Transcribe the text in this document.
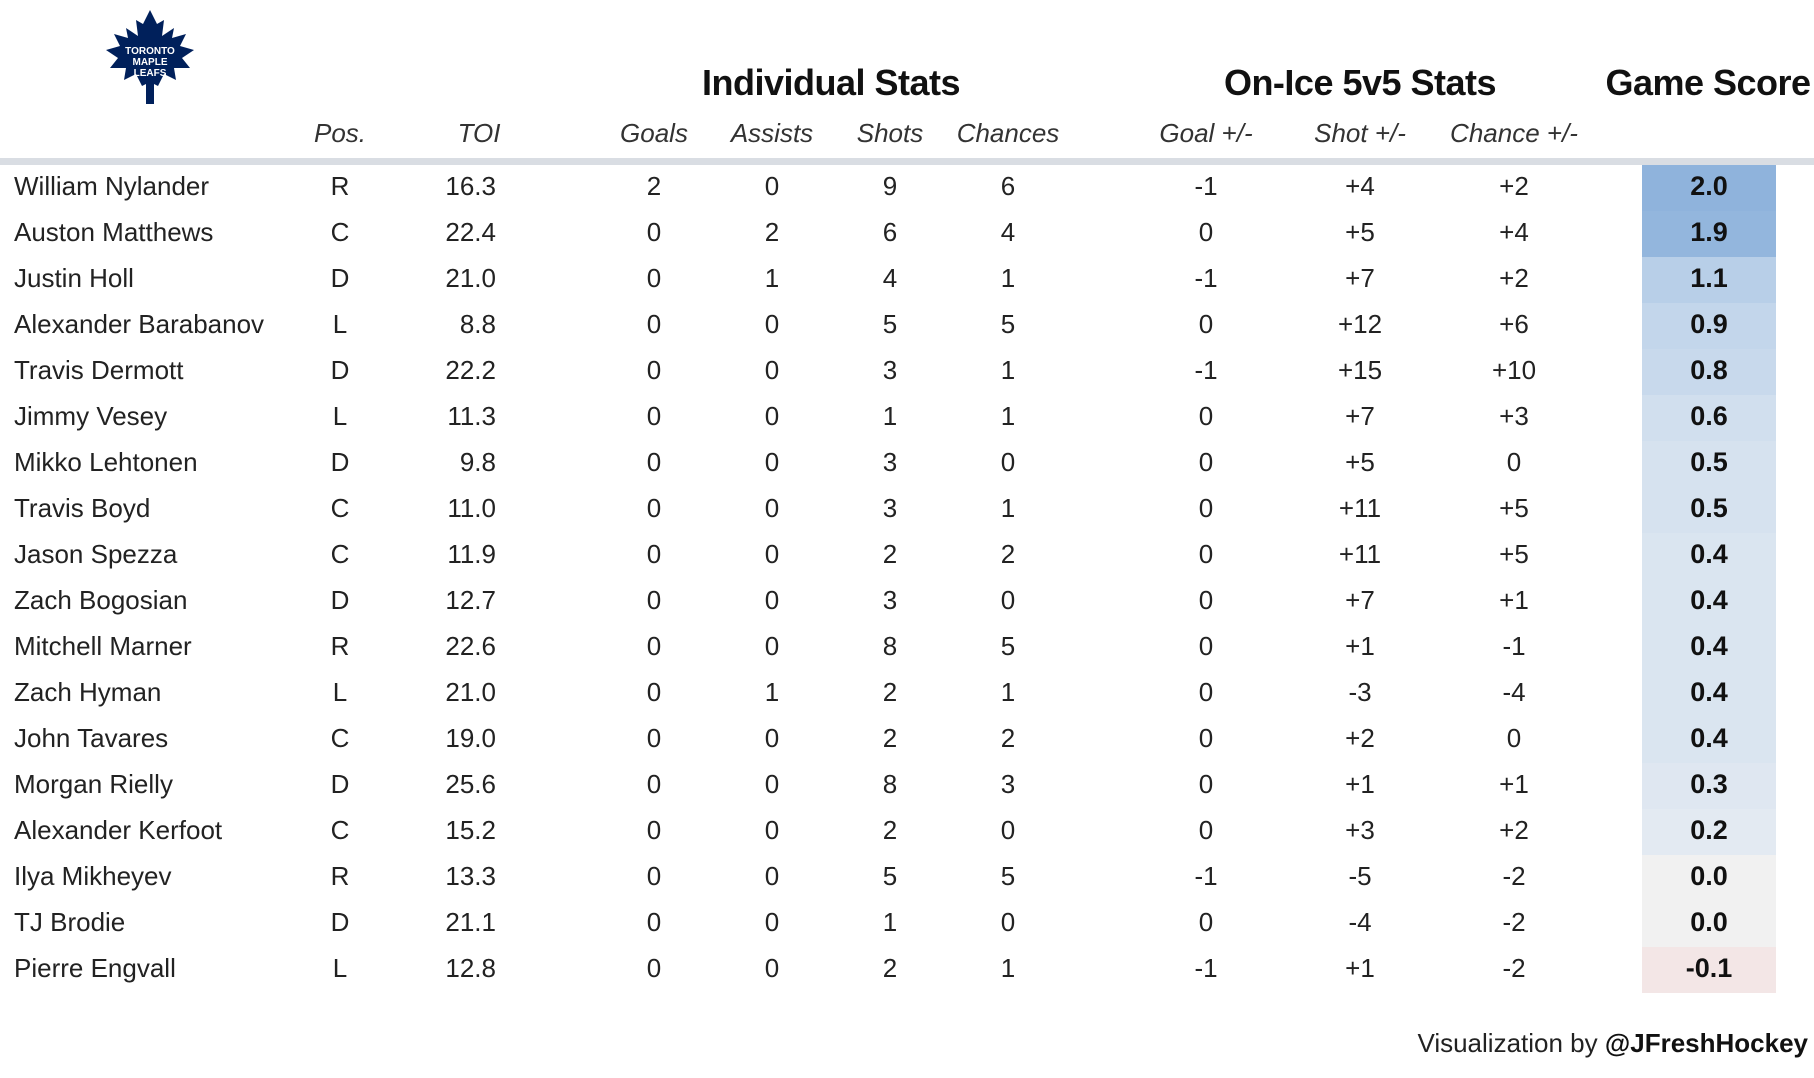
TORONTO
MAPLE
LEAFS	Individual Stats	On-Ice 5v5 Stats	Game Score
Pos.	TOI	Goals Assists Shots Chances	Goal +/- Shot +/- Chance +/-
William Nylander	R	16.3	2	0	9	6	-1	+4	+2	2.0
Auston Matthews	C	22.4	0	2	6	4	0	+5	+4	1.9
Justin Holl	D	21.0	0	1	4	1	-1	+7	+2	1.1
Alexander Barabanov	L	8.8	0	0	5	5	0	+12	+6	0.9
Travis Dermott	D	22.2	0	0	3	1	-1	+15	+10	0.8
Jimmy Vesey	L	11.3	0	0	1	1	0	+7	+3	0.6
Mikko Lehtonen	D	9.8	0	0	3	0	0	+5	0	0.5
Travis Boyd	C	11.0	0	0	3	1	0	+11	+5	0.5
Jason Spezza	C	11.9	0	0	2	2	0	+11	+5	0.4
Zach Bogosian	D	12.7	0	0	3	0	0	+7	+1	0.4
Mitchell Marner	R	22.6	0	0	8	5	0	+1	-1	0.4
Zach Hyman	L	21.0	0	1	2	1	0	-3	-4	0.4
John Tavares	C	19.0	0	0	2	2	0	+2	0	0.4
Morgan Rielly	D	25.6	0	0	8	3	0	+1	+1	0.3
Alexander Kerfoot	C	15.2	0	0	2	0	0	+3	+2	0.2
Ilya Mikheyev	R	13.3	0	0	5	5	-1	-5	-2	0.0
TJ Brodie	D	21.1	0	0	1	0	0	-4	-2	0.0
Pierre Engvall	L	12.8	0	0	2	1	-1	+1	-2	-0.1
Visualization by @JFreshHockey
